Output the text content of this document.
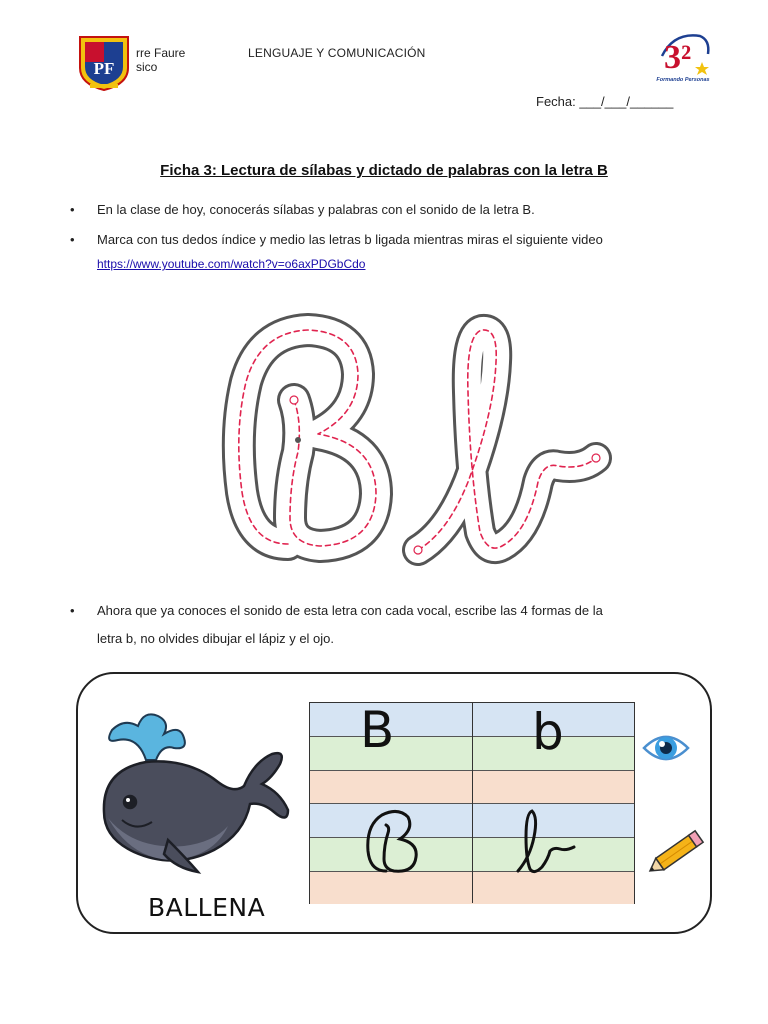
PF
rre Faure
sico
LENGUAJE Y COMUNICACIÓN	3²
Formando Personas
Fecha: ___/___/______
Ficha 3: Lectura de sílabas y dictado de palabras con la letra B
•	En la clase de hoy, conocerás sílabas y palabras con el sonido de la letra B.
•	Marca con tus dedos índice y medio las letras b ligada mientras miras el siguiente video
https://www.youtube.com/watch?v=o6axPDGbCdo
•	Ahora que ya conoces el sonido de esta letra con cada vocal, escribe las 4 formas de la
letra b, no olvides dibujar el lápiz y el ojo.
BALLENA
B	b
